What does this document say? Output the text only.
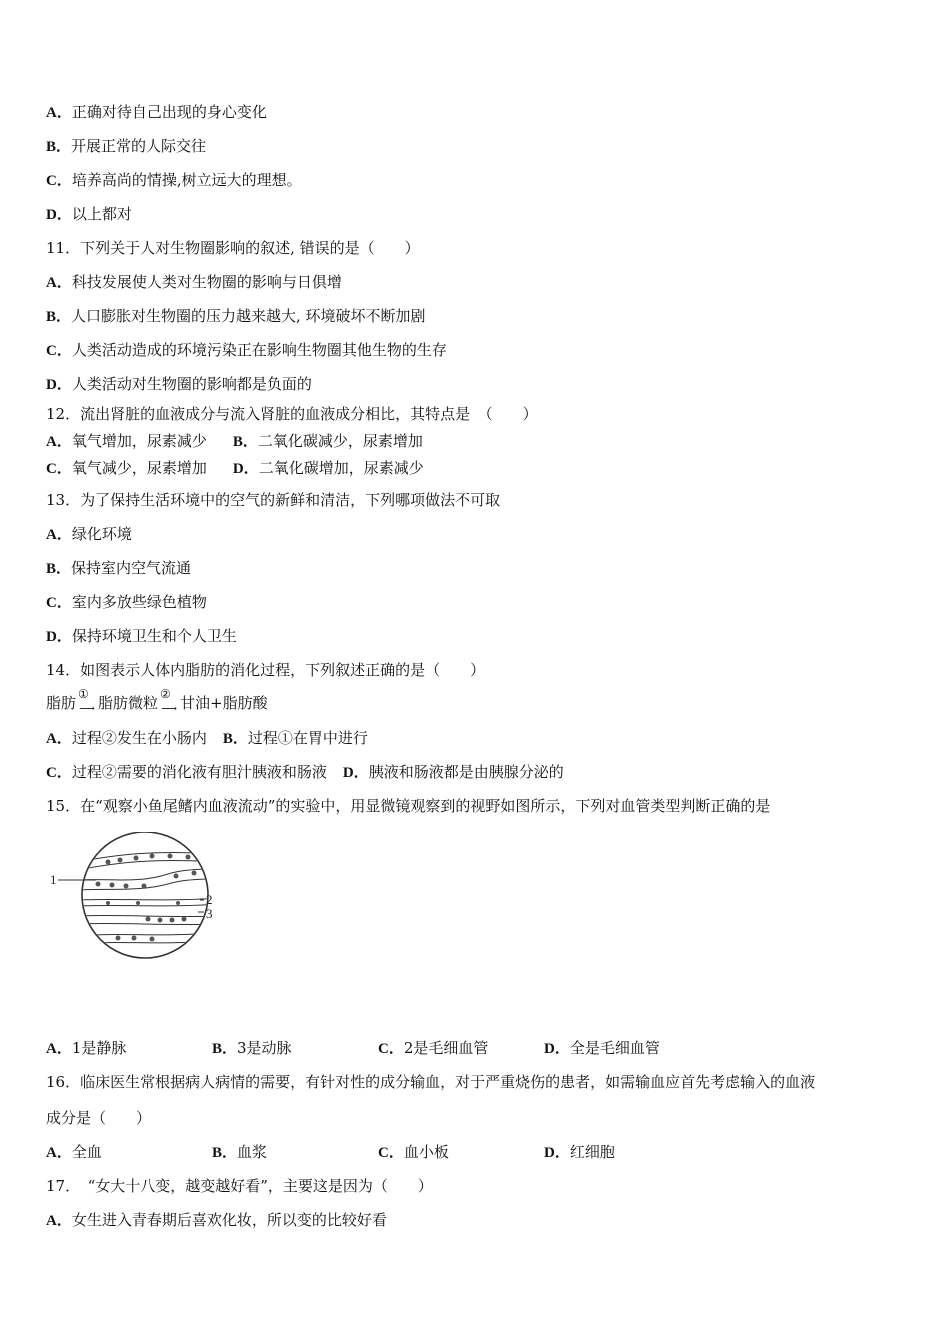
A．正确对待自己出现的身心变化
B．开展正常的人际交往
C．培养高尚的情操,树立远大的理想。
D．以上都对
11．下列关于人对生物圈影响的叙述, 错误的是（　　）
A．科技发展使人类对生物圈的影响与日俱增
B．人口膨胀对生物圈的压力越来越大, 环境破坏不断加剧
C．人类活动造成的环境污染正在影响生物圈其他生物的生存
D．人类活动对生物圈的影响都是负面的
12．流出肾脏的血液成分与流入肾脏的血液成分相比，其特点是　（　　）
A．氧气增加，尿素减少 B．二氧化碳减少，尿素增加
C．氧气减少，尿素增加 D．二氧化碳增加，尿素减少
13．为了保持生活环境中的空气的新鲜和清洁，下列哪项做法不可取
A．绿化环境
B．保持室内空气流通
C．室内多放些绿色植物
D．保持环境卫生和个人卫生
14．如图表示人体内脂肪的消化过程，下列叙述正确的是（　　）
脂肪 ①
$_⟶$ 脂肪微粒 ②
$_⟶$ 甘油+脂肪酸
A．过程②发生在小肠内 B．过程①在胃中进行
C．过程②需要的消化液有胆汁胰液和肠液 D．胰液和肠液都是由胰腺分泌的
15．在“观察小鱼尾鳍内血液流动”的实验中，用显微镜观察到的视野如图所示，下列对血管类型判断正确的是
1
2
3
A．1是静脉	B．3是动脉	C．2是毛细血管	D．全是毛细血管
16．临床医生常根据病人病情的需要，有针对性的成分输血，对于严重烧伤的患者，如需输血应首先考虑输入的血液
成分是（　　）
A．全血	B．血浆	C．血小板	D．红细胞
17．　“女大十八变，越变越好看”，主要这是因为（　　）
A．女生进入青春期后喜欢化妆，所以变的比较好看
